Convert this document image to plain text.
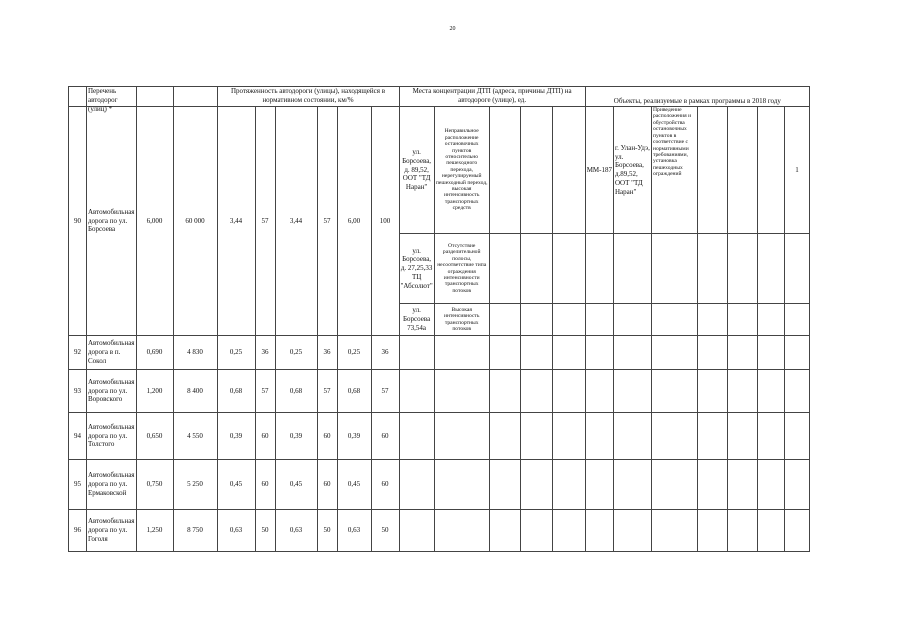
20

	Перечень автодорог (улиц) *			Протяженность автодороги (улицы), находящейся в нормативном состоянии, км/%						Места концентрации ДТП (адреса, причины ДТП) на автодороге (улице), ед.					Объекты, реализуемые в рамках программы в 2018 году						
90	Автомобильная дорога по ул. Борсоева	6,000	60 000	3,44	57	3,44	57	6,00	100	ул. Борсоева, д. 89,52, ООТ "ТД Наран"	Неправильное расположение остановочных пунктов относительно пешеходного перехода, нерегулируемый пешеходный переход, высокая интенсивность транспортных средств				ММ-187	г. Улан-Удэ, ул. Борсоева, д.89,52, ООТ "ТД Наран"	Приведение расположения и обустройства остановочных пунктов в соответствие с нормативными требованиями, установка пешеходных ограждений				1
										ул. Борсоева, д. 27,25,33 ТЦ "Абсолют"	Отсутствие разделительной полосы, несоответствие типа ограждения интенсивности транспортных потоков										
										ул. Борсоева 73,54а	Высокая интенсивность транспортных потоков										
92	Автомобильная дорога в п. Сокол	0,690	4 830	0,25	36	0,25	36	0,25	36												
93	Автомобильная дорога по ул. Воровского	1,200	8 400	0,68	57	0,68	57	0,68	57												
94	Автомобильная дорога по ул. Толстого	0,650	4 550	0,39	60	0,39	60	0,39	60												
95	Автомобильная дорога по ул. Ермаковской	0,750	5 250	0,45	60	0,45	60	0,45	60												
96	Автомобильная дорога по ул. Гоголя	1,250	8 750	0,63	50	0,63	50	0,63	50												
